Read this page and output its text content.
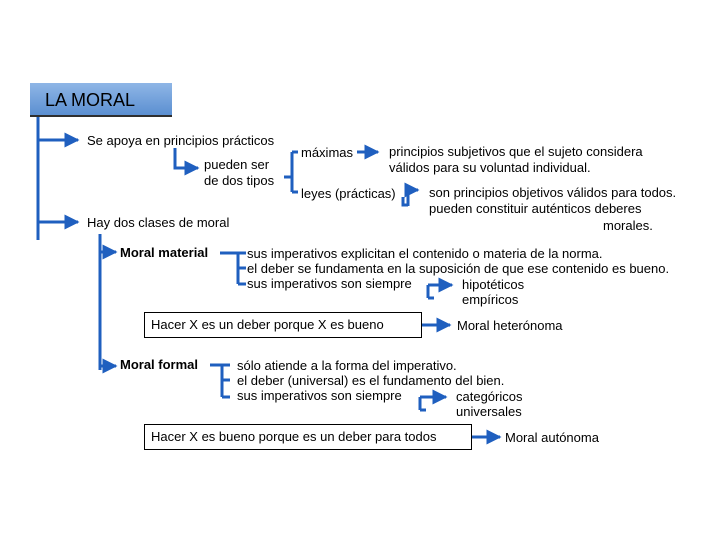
LA MORAL
Se apoya en principios prácticos
pueden ser
de dos tipos
máximas	principios subjetivos que el sujeto considera
válidos para su voluntad individual.
leyes (prácticas)	son principios objetivos válidos para todos.
pueden constituir auténticos deberes
morales.
Hay dos clases de moral
Moral material	sus imperativos explicitan el contenido o materia de la norma.
el deber se fundamenta en la suposición de que ese contenido es bueno.
sus imperativos son siempre	hipotéticos
empíricos
Hacer X es un deber porque X es bueno	Moral heterónoma
Moral formal	sólo atiende a la forma del imperativo.
el deber (universal) es el fundamento del bien.
sus imperativos son siempre	categóricos
universales
Hacer X es bueno porque es un deber para todos	Moral autónoma
